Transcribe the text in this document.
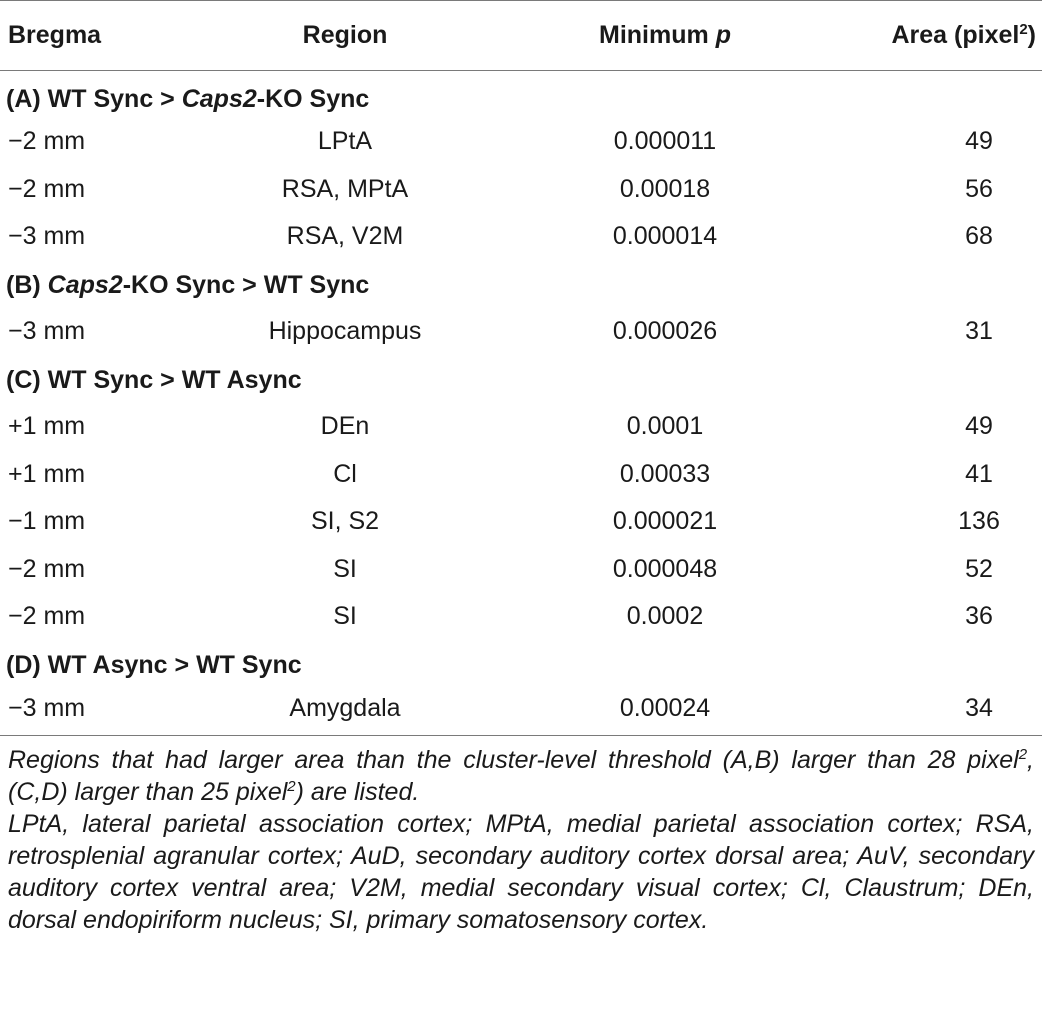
Bregma	Region	Minimum p	Area (pixel$^2$)
(A) WT Sync > Caps2-KO Sync			
−2 mm	LPtA	0.000011	49
−2 mm	RSA, MPtA	0.00018	56
−3 mm	RSA, V2M	0.000014	68
(B) Caps2-KO Sync > WT Sync			
−3 mm	Hippocampus	0.000026	31
(C) WT Sync > WT Async			
+1 mm	DEn	0.0001	49
+1 mm	Cl	0.00033	41
−1 mm	SI, S2	0.000021	136
−2 mm	SI	0.000048	52
−2 mm	SI	0.0002	36
(D) WT Async > WT Sync			
−3 mm	Amygdala	0.00024	34

Regions that had larger area than the cluster-level threshold (A,B) larger than 28 pixel$^2$, (C,D) larger than 25 pixel$^2$) are listed.

LPtA, lateral parietal association cortex; MPtA, medial parietal association cortex; RSA, retrosplenial agranular cortex; AuD, secondary auditory cortex dorsal area; AuV, secondary auditory cortex ventral area; V2M, medial secondary visual cortex; Cl, Claustrum; DEn, dorsal endopiriform nucleus; SI, primary somatosensory cortex.
